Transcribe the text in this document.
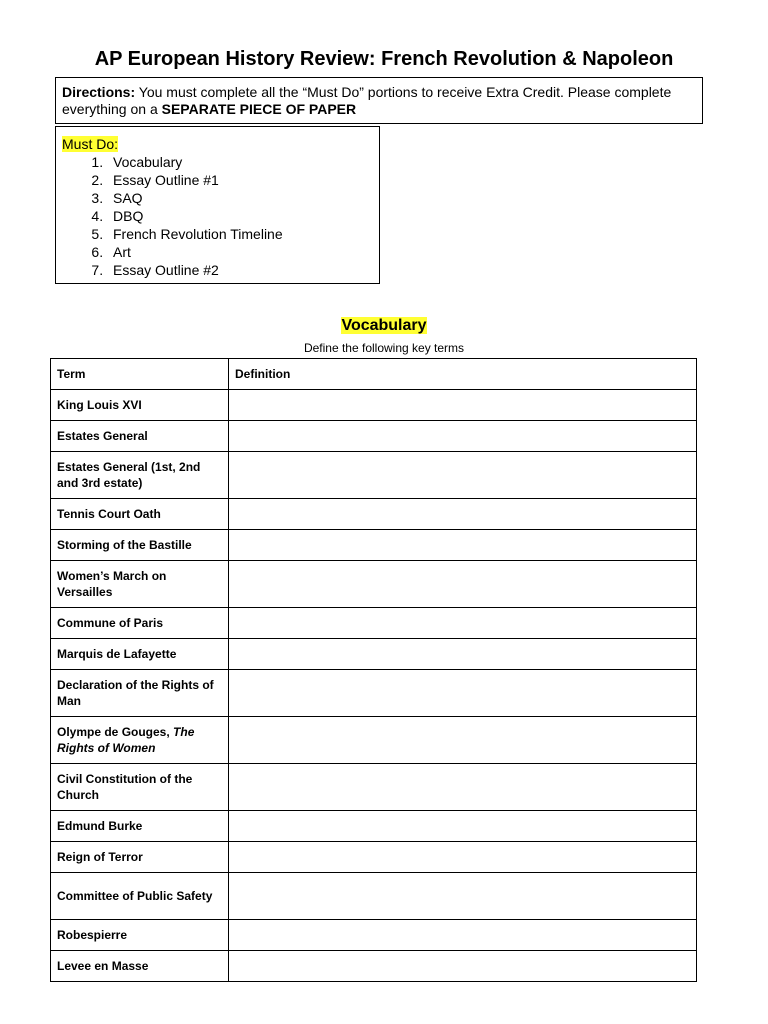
AP European History Review: French Revolution & Napoleon
Directions: You must complete all the “Must Do” portions to receive Extra Credit. Please complete everything on a SEPARATE PIECE OF PAPER
Must Do:
1. Vocabulary
2. Essay Outline #1
3. SAQ
4. DBQ
5. French Revolution Timeline
6. Art
7. Essay Outline #2
Vocabulary
Define the following key terms
Term	Definition
King Louis XVI	
Estates General	
Estates General (1st, 2nd and 3rd estate)	
Tennis Court Oath	
Storming of the Bastille	
Women’s March on Versailles	
Commune of Paris	
Marquis de Lafayette	
Declaration of the Rights of Man	
Olympe de Gouges, The Rights of Women	
Civil Constitution of the Church	
Edmund Burke	
Reign of Terror	
Committee of Public Safety	
Robespierre	
Levee en Masse	
